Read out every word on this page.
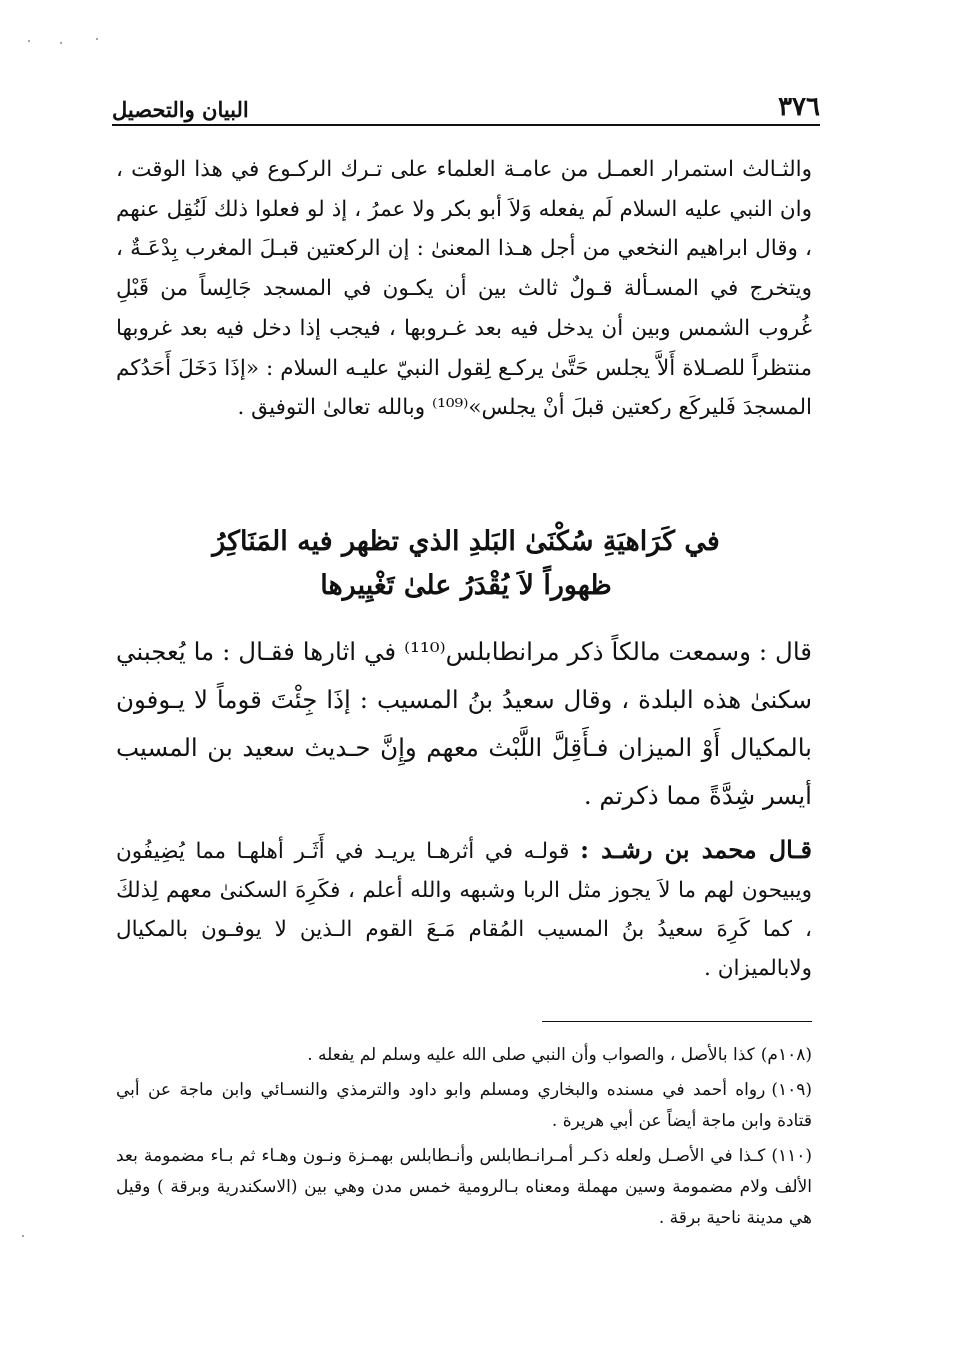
٣٧٦
البيان والتحصيل

والثـالث استمرار العمـل من عامـة العلماء على تـرك الركـوع في هذا الوقت ، وان النبي عليه السلام لَم يفعله وَلاَ أبو بكر ولا عمرُ ، إذ لو فعلوا ذلك لَنُقِل عنهم ، وقال ابراهيم النخعي من أجل هـذا المعنىٰ : إن الركعتين قبـلَ المغرب بِدْعَـةٌ ، ويتخرج في المسـألة قـولٌ ثالث بين أن يكـون في المسجد جَالِساً من قَبْلِ غُروب الشمس وبين أن يدخل فيه بعد غـروبها ، فيجب إذا دخل فيه بعد غروبها منتظراً للصـلاة أَلاَّ يجلس حَتَّىٰ يركـع لِقول النبيّ عليـه السلام : «إذَا دَخَلَ أَحَدُكم المسجدَ فَليركَع ركعتين قبلَ أنْ يجلس»⁽¹⁰⁹⁾ وبالله تعالىٰ التوفيق .

في كَرَاهيَةِ سُكْنَىٰ البَلدِ الذي تظهر فيه المَنَاكِرُ
ظهوراً لاَ يُقْدَرُ علىٰ تَغْيِيرها

قال : وسمعت مالكاً ذكر مرانطابلس⁽¹¹⁰⁾ في اثارها فقـال : ما يُعجبني سكنىٰ هذه البلدة ، وقال سعيدُ بنُ المسيب : إذَا جِئْتَ قوماً لا يـوفون بالمكيال أَوْ الميزان فـأَقِلَّ اللَّبْث معهم وإِنَّ حـديث سعيد بن المسيب أيسر شِدَّةً مما ذكرتم .

قـال محمد بن رشـد : قولـه في أثرهـا يريـد في أَثَـر أهلهـا مما يُضِيفُون ويبيحون لهم ما لاَ يجوز مثل الربا وشبهه والله أعلم ، فكَرِهَ السكنىٰ معهم لِذلكَ ، كما كَرِهَ سعيدُ بنُ المسيب المُقام مَـعَ القوم الـذين لا يوفـون بالمكيال ولابالميزان .

(١٠٨م)كذا بالأصل ، والصواب وأن النبي صلى الله عليه وسلم لم يفعله .

(١٠٩)رواه أحمد في مسنده والبخاري ومسلم وابو داود والترمذي والنسـائي وابن ماجة عن أبي قتادة وابن ماجة أيضاً عن أبي هريرة .

(١١٠)كـذا في الأصـل ولعله ذكـر أمـرانـطابلس وأنـطابلس بهمـزة ونـون وهـاء ثم بـاء مضمومة بعد الألف ولام مضمومة وسين مهملة ومعناه بـالرومية خمس مدن وهي بين (الاسكندرية وبرقة ) وقيل هي مدينة ناحية برقة .
